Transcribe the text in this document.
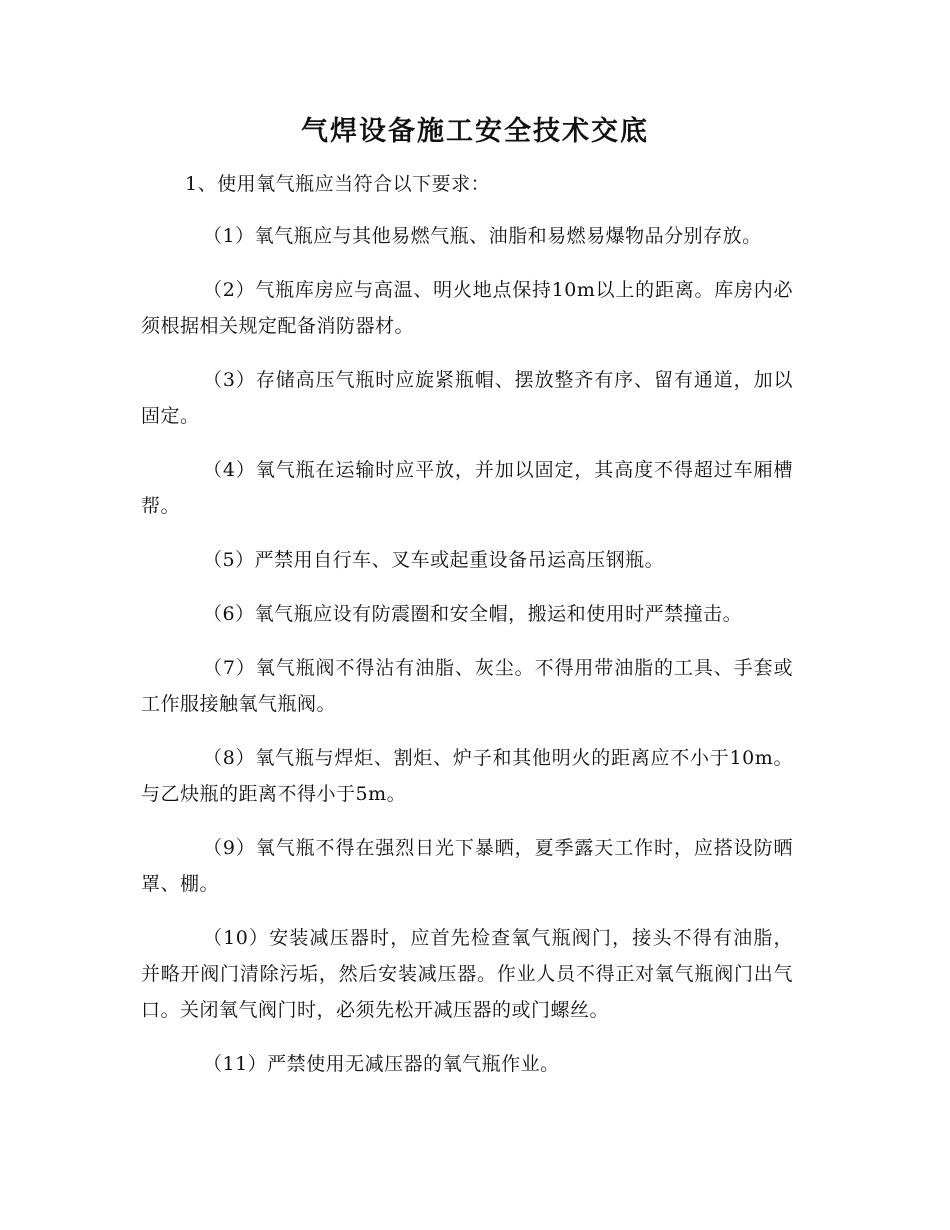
气焊设备施工安全技术交底

1、使用氧气瓶应当符合以下要求：

（1）氧气瓶应与其他易燃气瓶、油脂和易燃易爆物品分别存放。

（2）气瓶库房应与高温、明火地点保持10m以上的距离。库房内必须根据相关规定配备消防器材。

（3）存储高压气瓶时应旋紧瓶帽、摆放整齐有序、留有通道，加以固定。

（4）氧气瓶在运输时应平放，并加以固定，其高度不得超过车厢槽帮。

（5）严禁用自行车、叉车或起重设备吊运高压钢瓶。

（6）氧气瓶应设有防震圈和安全帽，搬运和使用时严禁撞击。

（7）氧气瓶阀不得沾有油脂、灰尘。不得用带油脂的工具、手套或工作服接触氧气瓶阀。

（8）氧气瓶与焊炬、割炬、炉子和其他明火的距离应不小于10m。与乙炔瓶的距离不得小于5m。

（9）氧气瓶不得在强烈日光下暴晒，夏季露天工作时，应搭设防晒罩、棚。

（10）安装减压器时，应首先检查氧气瓶阀门，接头不得有油脂，并略开阀门清除污垢，然后安装减压器。作业人员不得正对氧气瓶阀门出气口。关闭氧气阀门时，必须先松开减压器的或门螺丝。

（11）严禁使用无减压器的氧气瓶作业。
